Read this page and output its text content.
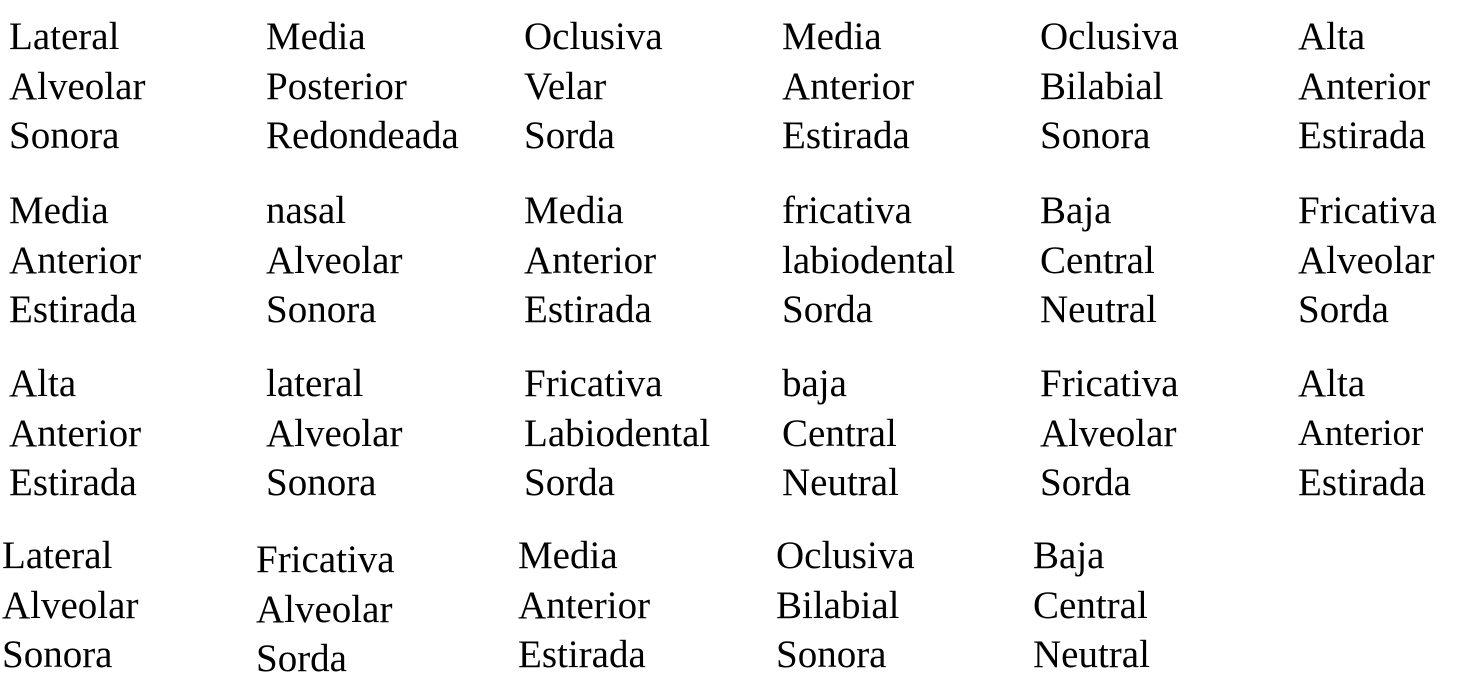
Lateral
Alveolar
Sonora
Media
Posterior
Redondeada
Oclusiva
Velar
Sorda
Media
Anterior
Estirada
Oclusiva
Bilabial
Sonora
Alta
Anterior
Estirada
Media
Anterior
Estirada
nasal
Alveolar
Sonora
Media
Anterior
Estirada
fricativa
labiodental
Sorda
Baja
Central
Neutral
Fricativa
Alveolar
Sorda
Alta
Anterior
Estirada
lateral
Alveolar
Sonora
Fricativa
Labiodental
Sorda
baja
Central
Neutral
Fricativa
Alveolar
Sorda
Alta
Anterior
Estirada
Lateral
Alveolar
Sonora
Fricativa
Alveolar
Sorda
Media
Anterior
Estirada
Oclusiva
Bilabial
Sonora
Baja
Central
Neutral
